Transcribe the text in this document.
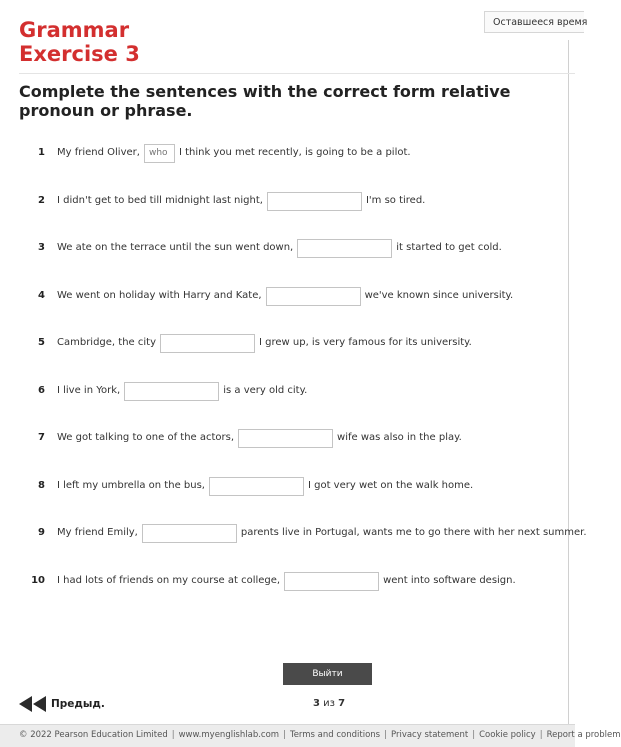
Grammar
Exercise 3
Оставшееся время
Complete the sentences with the correct form relative pronoun or phrase.
1 My friend Oliver,
who	I think you met recently, is going to be a pilot.
2 I didn't get to bed till midnight last night,	I'm so tired.
3 We ate on the terrace until the sun went down,	it started to get cold.
4 We went on holiday with Harry and Kate,	we've known since university.
5 Cambridge, the city	I grew up, is very famous for its university.
6 I live in York,	is a very old city.
7 We got talking to one of the actors,	wife was also in the play.
8 I left my umbrella on the bus,	I got very wet on the walk home.
9 My friend Emily,	parents live in Portugal, wants me to go there with her next summer.
10 I had lots of friends on my course at college,	went into software design.
Выйти
Предыд.	3 из 7
© 2022 Pearson Education Limited | www.myenglishlab.com | Terms and conditions | Privacy statement | Cookie policy | Report a problem
